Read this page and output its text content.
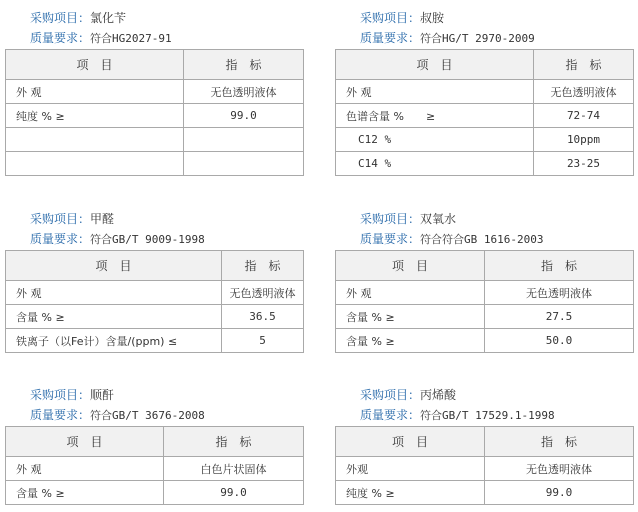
采购项目：氯化苄
质量要求：符合HG2027-91
项　目	指　标
外 观	无色透明液体
纯度 % ≥	99.0

采购项目：叔胺
质量要求：符合HG/T 2970-2009
项　目	指　标
外 观	无色透明液体
色谱含量 %　　≥	72-74
C12 %	10ppm
C14 %	23-25
采购项目：甲醛
质量要求：符合GB/T 9009-1998
项　目	指　标
外 观	无色透明液体
含量 % ≥	36.5
铁离子（以Fe计）含量/(ppm) ≤	5
采购项目：双氧水
质量要求：符合符合GB 1616-2003
项　目	指　标
外 观	无色透明液体
含量 % ≥	27.5
含量 % ≥	50.0
采购项目：顺酐
质量要求：符合GB/T 3676-2008
项　目	指　标
外 观	白色片状固体
含量 % ≥	99.0
采购项目：丙烯酸
质量要求：符合GB/T 17529.1-1998
项　目	指　标
外观	无色透明液体
纯度 % ≥	99.0
